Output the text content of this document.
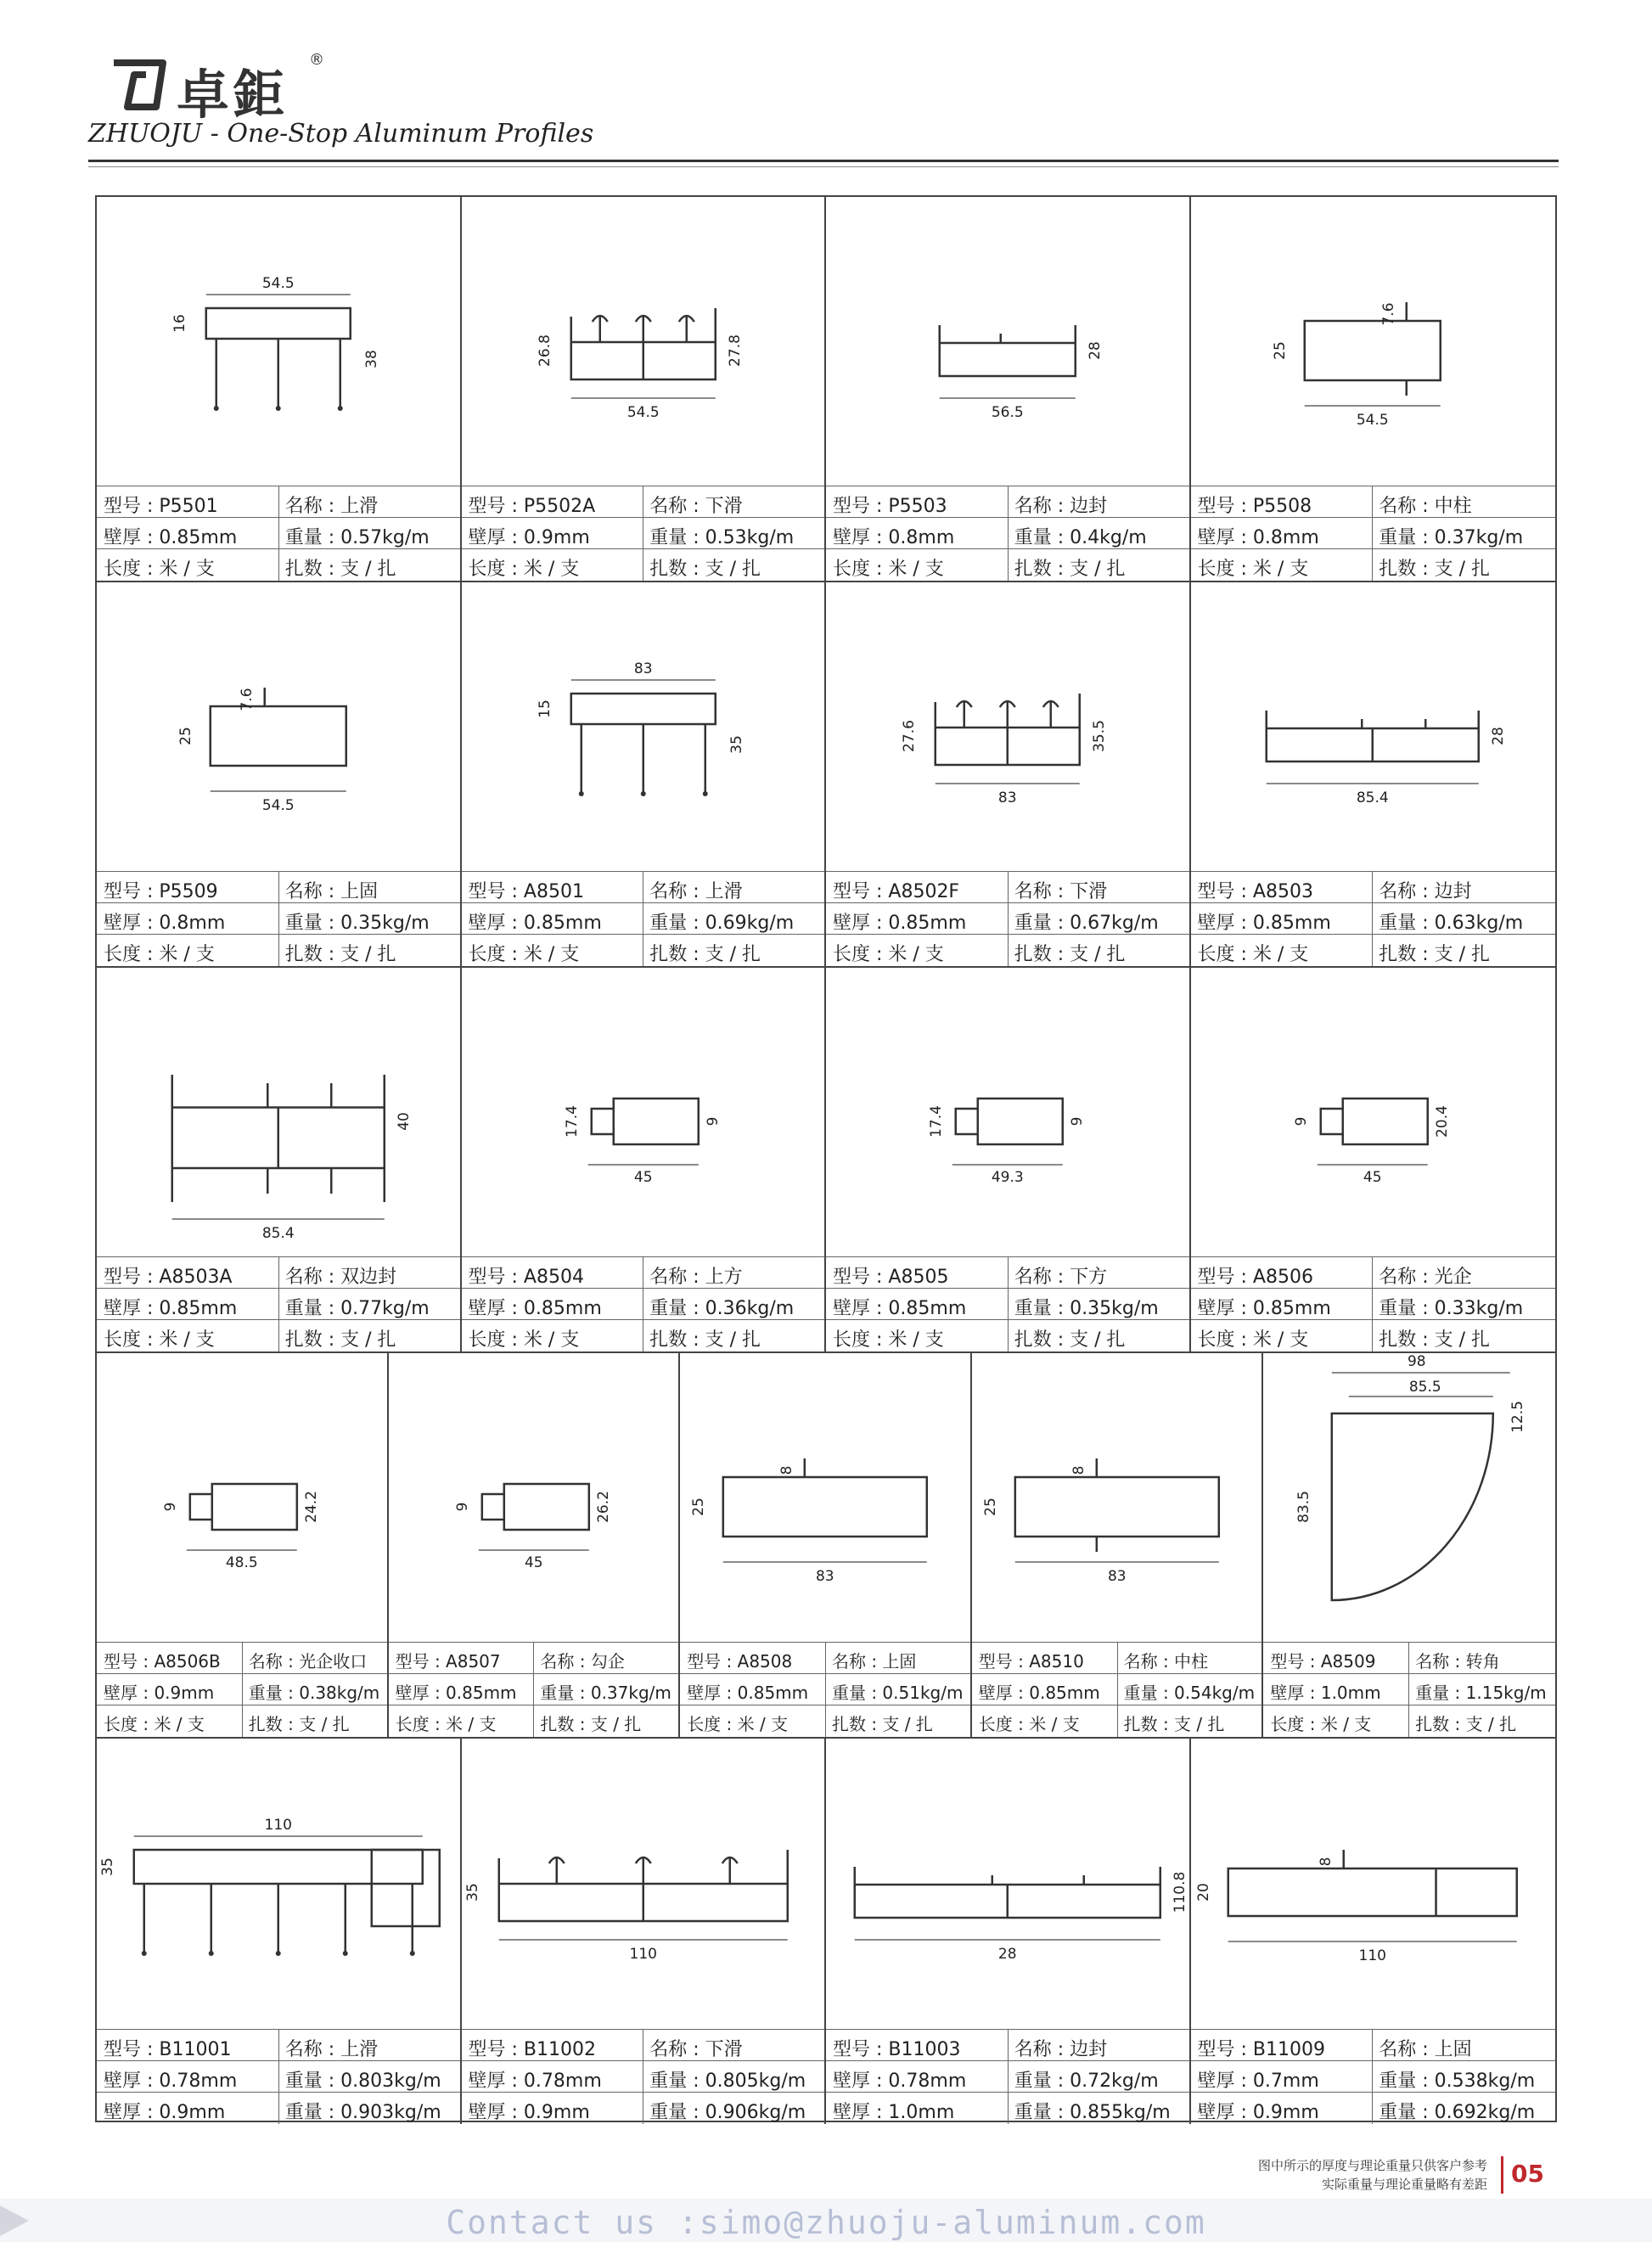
卓鉅
®
ZHUOJU - One-Stop Aluminum Profiles
54.5
16
38
型号 : P5501	名称 : 上滑
壁厚 : 0.85mm	重量 : 0.57kg/m
长度 : 米 / 支	扎数 : 支 / 扎
54.5
26.8	27.8
型号 : P5502A	名称 : 下滑
壁厚 : 0.9mm	重量 : 0.53kg/m
长度 : 米 / 支	扎数 : 支 / 扎
56.5
28
型号 : P5503	名称 : 边封
壁厚 : 0.8mm	重量 : 0.4kg/m
长度 : 米 / 支	扎数 : 支 / 扎
54.5
25
7.6
型号 : P5508	名称 : 中柱
壁厚 : 0.8mm	重量 : 0.37kg/m
长度 : 米 / 支	扎数 : 支 / 扎
54.5
25
7.6
型号 : P5509	名称 : 上固
壁厚 : 0.8mm	重量 : 0.35kg/m
长度 : 米 / 支	扎数 : 支 / 扎
83
15
35
型号 : A8501	名称 : 上滑
壁厚 : 0.85mm	重量 : 0.69kg/m
长度 : 米 / 支	扎数 : 支 / 扎
83
27.6	35.5
型号 : A8502F	名称 : 下滑
壁厚 : 0.85mm	重量 : 0.67kg/m
长度 : 米 / 支	扎数 : 支 / 扎
85.4
28
型号 : A8503	名称 : 边封
壁厚 : 0.85mm	重量 : 0.63kg/m
长度 : 米 / 支	扎数 : 支 / 扎
85.4
40
型号 : A8503A	名称 : 双边封
壁厚 : 0.85mm	重量 : 0.77kg/m
长度 : 米 / 支	扎数 : 支 / 扎
45
17.4	9
型号 : A8504	名称 : 上方
壁厚 : 0.85mm	重量 : 0.36kg/m
长度 : 米 / 支	扎数 : 支 / 扎
49.3
17.4	9
型号 : A8505	名称 : 下方
壁厚 : 0.85mm	重量 : 0.35kg/m
长度 : 米 / 支	扎数 : 支 / 扎
45
9	20.4
型号 : A8506	名称 : 光企
壁厚 : 0.85mm	重量 : 0.33kg/m
长度 : 米 / 支	扎数 : 支 / 扎
48.5
9	24.2
型号 : A8506B 名称 : 光企收口
壁厚 : 0.9mm 重量 : 0.38kg/m
长度 : 米 / 支	扎数 : 支 / 扎
45
9	26.2
型号 : A8507 名称 : 勾企
壁厚 : 0.85mm 重量 : 0.37kg/m
长度 : 米 / 支	扎数 : 支 / 扎
83
25
8
型号 : A8508 名称 : 上固
壁厚 : 0.85mm 重量 : 0.51kg/m
长度 : 米 / 支	扎数 : 支 / 扎
83
25
8
型号 : A8510 名称 : 中柱
壁厚 : 0.85mm 重量 : 0.54kg/m
长度 : 米 / 支	扎数 : 支 / 扎
98
85.5
12.5
83.5
型号 : A8509 名称 : 转角
壁厚 : 1.0mm 重量 : 1.15kg/m
长度 : 米 / 支	扎数 : 支 / 扎
110
35
型号 : B11001	名称 : 上滑
壁厚 : 0.78mm	重量 : 0.803kg/m
壁厚 : 0.9mm	重量 : 0.903kg/m
110
35
型号 : B11002	名称 : 下滑
壁厚 : 0.78mm	重量 : 0.805kg/m
壁厚 : 0.9mm	重量 : 0.906kg/m
28
110.8
型号 : B11003	名称 : 边封
壁厚 : 0.78mm	重量 : 0.72kg/m
壁厚 : 1.0mm	重量 : 0.855kg/m
110
20
8
型号 : B11009	名称 : 上固
壁厚 : 0.7mm	重量 : 0.538kg/m
壁厚 : 0.9mm	重量 : 0.692kg/m
图中所示的厚度与理论重量只供客户参考
实际重量与理论重量略有差距 05
Contact us :simo@zhuoju-aluminum.com
